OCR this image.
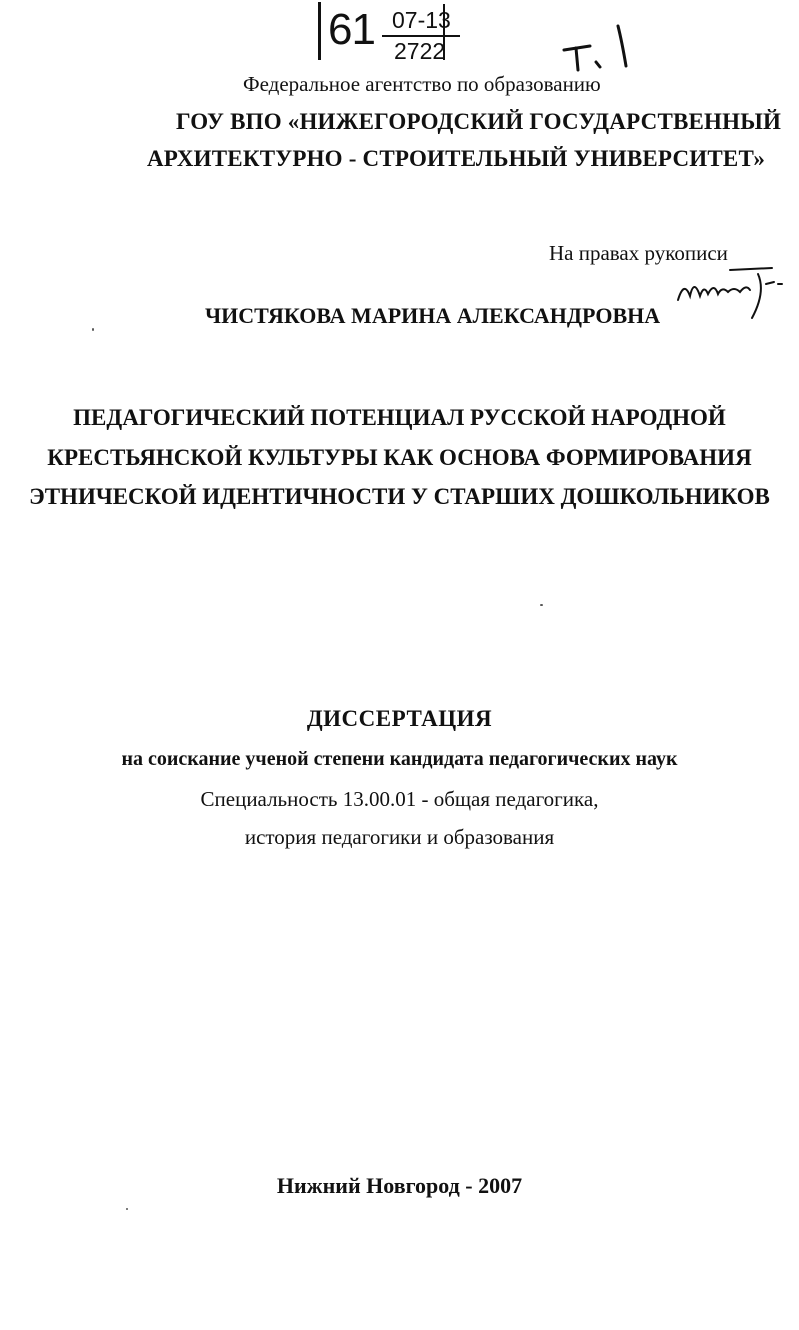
61 07-13
2722
Федеральное агентство по образованию
ГОУ ВПО «НИЖЕГОРОДСКИЙ ГОСУДАРСТВЕННЫЙ
АРХИТЕКТУРНО - СТРОИТЕЛЬНЫЙ УНИВЕРСИТЕТ»
На правах рукописи
ЧИСТЯКОВА МАРИНА АЛЕКСАНДРОВНА
ПЕДАГОГИЧЕСКИЙ ПОТЕНЦИАЛ РУССКОЙ НАРОДНОЙ
КРЕСТЬЯНСКОЙ КУЛЬТУРЫ КАК ОСНОВА ФОРМИРОВАНИЯ
ЭТНИЧЕСКОЙ ИДЕНТИЧНОСТИ У СТАРШИХ ДОШКОЛЬНИКОВ
ДИССЕРТАЦИЯ
на соискание ученой степени кандидата педагогических наук
Специальность 13.00.01 - общая педагогика,
история педагогики и образования
Нижний Новгород - 2007
